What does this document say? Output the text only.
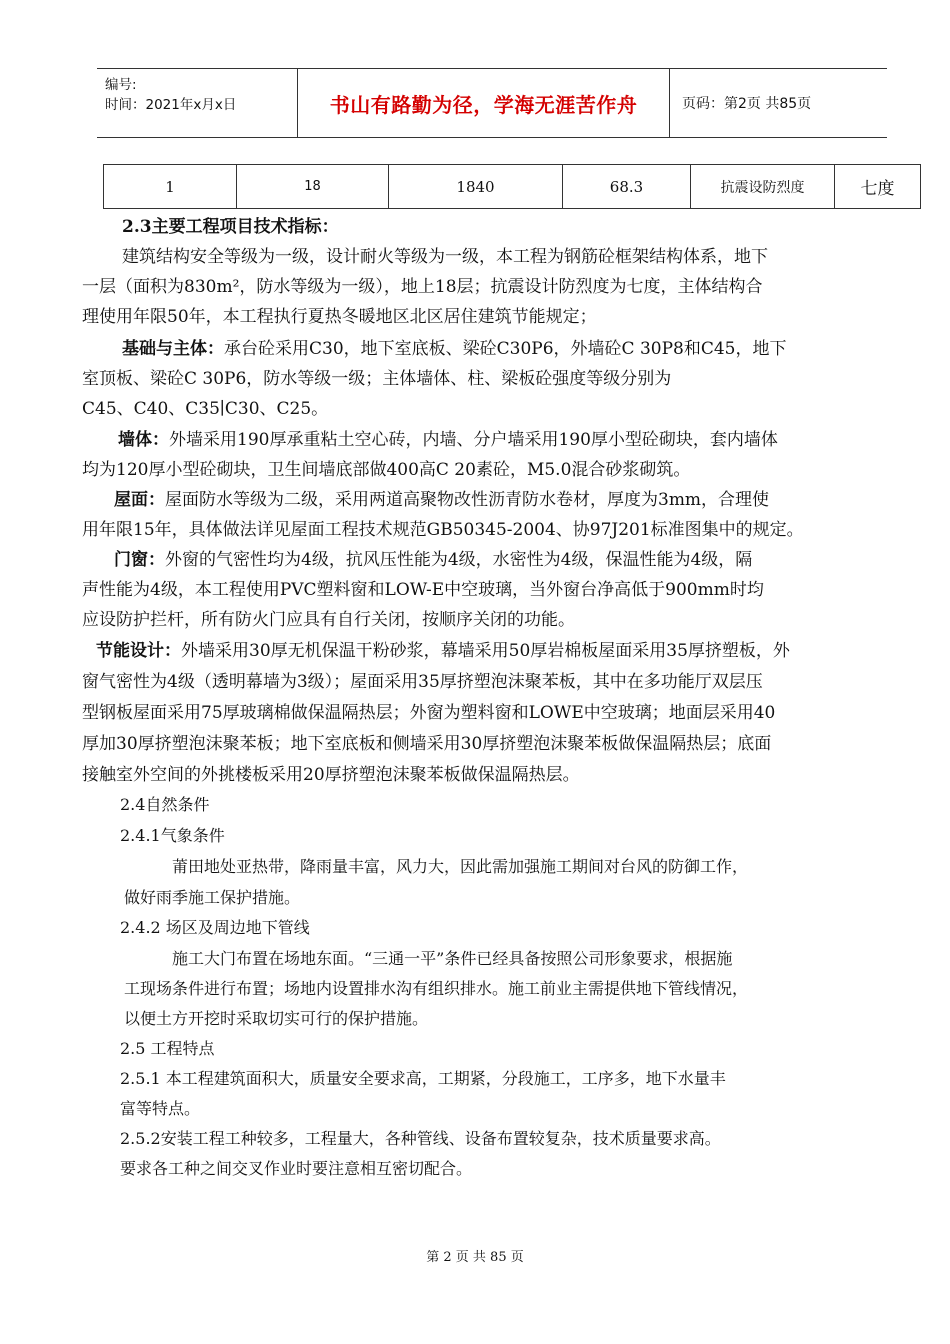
编号:
时间：2021年x月x日	书山有路勤为径，学海无涯苦作舟	页码：第2页 共85页
1	18	1840	68.3	抗震设防烈度	七度
2.3主要工程项目技术指标：
建筑结构安全等级为一级，设计耐火等级为一级，本工程为钢筋砼框架结构体系，地下
一层（面积为830m²，防水等级为一级），地上18层；抗震设计防烈度为七度，主体结构合
理使用年限50年，本工程执行夏热冬暖地区北区居住建筑节能规定；
基础与主体：承台砼采用C30，地下室底板、梁砼C30P6，外墙砼C 30P8和C45，地下
室顶板、梁砼C 30P6，防水等级一级；主体墙体、柱、梁板砼强度等级分别为
C45、C40、C35∣C30、C25。
墙体：外墙采用190厚承重粘土空心砖，内墙、分户墙采用190厚小型砼砌块，套内墙体
均为120厚小型砼砌块，卫生间墙底部做400高C 20素砼，M5.0混合砂浆砌筑。
屋面：屋面防水等级为二级，采用两道高聚物改性沥青防水卷材，厚度为3mm，合理使
用年限15年，具体做法详见屋面工程技术规范GB50345-2004、协97J201标准图集中的规定。
门窗：外窗的气密性均为4级，抗风压性能为4级，水密性为4级，保温性能为4级，隔
声性能为4级，本工程使用PVC塑料窗和LOW-E中空玻璃，当外窗台净高低于900mm时均
应设防护拦杆，所有防火门应具有自行关闭，按顺序关闭的功能。
节能设计：外墙采用30厚无机保温干粉砂浆，幕墙采用50厚岩棉板屋面采用35厚挤塑板，外
窗气密性为4级（透明幕墙为3级）；屋面采用35厚挤塑泡沫聚苯板，其中在多功能厅双层压
型钢板屋面采用75厚玻璃棉做保温隔热层；外窗为塑料窗和LOWE中空玻璃；地面层采用40
厚加30厚挤塑泡沫聚苯板；地下室底板和侧墙采用30厚挤塑泡沫聚苯板做保温隔热层；底面
接触室外空间的外挑楼板采用20厚挤塑泡沫聚苯板做保温隔热层。
2.4自然条件
2.4.1气象条件
莆田地处亚热带，降雨量丰富，风力大，因此需加强施工期间对台风的防御工作，
做好雨季施工保护措施。
2.4.2 场区及周边地下管线
施工大门布置在场地东面。“三通一平”条件已经具备按照公司形象要求，根据施
工现场条件进行布置；场地内设置排水沟有组织排水。施工前业主需提供地下管线情况，
以便土方开挖时采取切实可行的保护措施。
2.5 工程特点
2.5.1 本工程建筑面积大，质量安全要求高，工期紧，分段施工，工序多，地下水量丰
富等特点。
2.5.2安装工程工种较多，工程量大，各种管线、设备布置较复杂，技术质量要求高。
要求各工种之间交叉作业时要注意相互密切配合。
第 2 页 共 85 页
